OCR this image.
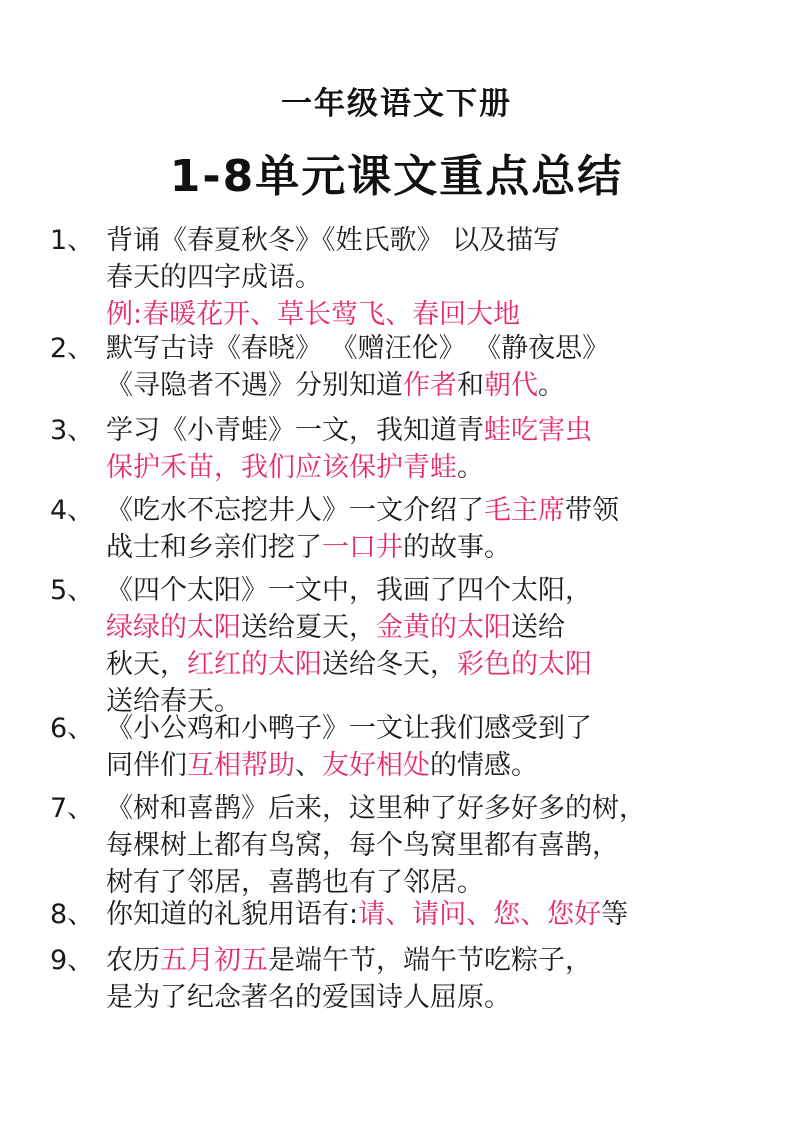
一年级语文下册
1-8单元课文重点总结
1、 背诵《春夏秋冬》《姓氏歌》 以及描写
春天的四字成语。
例:春暖花开、草长莺飞、春回大地
2、 默写古诗《春晓》 《赠汪伦》 《静夜思》
《寻隐者不遇》分别知道作者和朝代。
3、 学习《小青蛙》一文，我知道青蛙吃害虫
保护禾苗，我们应该保护青蛙。
4、 《吃水不忘挖井人》一文介绍了毛主席带领
战士和乡亲们挖了一口井的故事。
5、 《四个太阳》一文中，我画了四个太阳，
绿绿的太阳送给夏天，金黄的太阳送给
秋天，红红的太阳送给冬天，彩色的太阳
送给春天。
6、 《小公鸡和小鸭子》一文让我们感受到了
同伴们互相帮助、友好相处的情感。
7、 《树和喜鹊》后来，这里种了好多好多的树，
每棵树上都有鸟窝，每个鸟窝里都有喜鹊，
树有了邻居，喜鹊也有了邻居。
8、 你知道的礼貌用语有:请、请问、您、您好等
9、 农历五月初五是端午节，端午节吃粽子，
是为了纪念著名的爱国诗人屈原。
